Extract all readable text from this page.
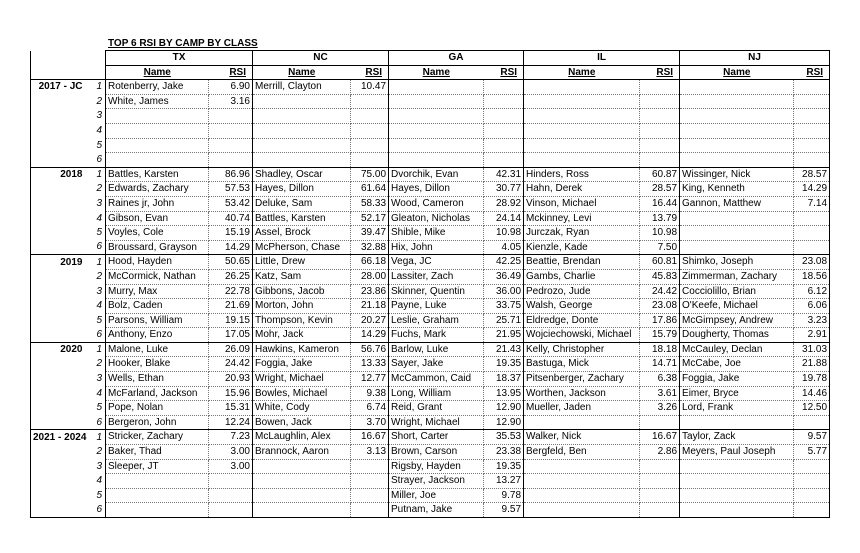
TOP 6 RSI BY CAMP BY CLASS
		TX		NC		GA		IL		NJ	
		Name	RSI	Name	RSI	Name	RSI	Name	RSI	Name	RSI
2017 - JC	1	Rotenberry, Jake	6.90	Merrill, Clayton	10.47						
	2	White, James	3.16								
	3										
	4										
	5										
	6										
2018	1	Battles, Karsten	86.96	Shadley, Oscar	75.00	Dvorchik, Evan	42.31	Hinders, Ross	60.87	Wissinger, Nick	28.57
	2	Edwards, Zachary	57.53	Hayes, Dillon	61.64	Hayes, Dillon	30.77	Hahn, Derek	28.57	King, Kenneth	14.29
	3	Raines jr, John	53.42	Deluke, Sam	58.33	Wood, Cameron	28.92	Vinson, Michael	16.44	Gannon, Matthew	7.14
	4	Gibson, Evan	40.74	Battles, Karsten	52.17	Gleaton, Nicholas	24.14	Mckinney, Levi	13.79		
	5	Voyles, Cole	15.19	Assel, Brock	39.47	Shible, Mike	10.98	Jurczak, Ryan	10.98		
	6	Broussard, Grayson	14.29	McPherson, Chase	32.88	Hix, John	4.05	Kienzle, Kade	7.50		
2019	1	Hood, Hayden	50.65	Little, Drew	66.18	Vega, JC	42.25	Beattie, Brendan	60.81	Shimko, Joseph	23.08
	2	McCormick, Nathan	26.25	Katz, Sam	28.00	Lassiter, Zach	36.49	Gambs, Charlie	45.83	Zimmerman, Zachary	18.56
	3	Murry, Max	22.78	Gibbons, Jacob	23.86	Skinner, Quentin	36.00	Pedrozo, Jude	24.42	Cocciolillo, Brian	6.12
	4	Bolz, Caden	21.69	Morton, John	21.18	Payne, Luke	33.75	Walsh, George	23.08	O'Keefe, Michael	6.06
	5	Parsons, William	19.15	Thompson, Kevin	20.27	Leslie, Graham	25.71	Eldredge, Donte	17.86	McGimpsey, Andrew	3.23
	6	Anthony, Enzo	17.05	Mohr, Jack	14.29	Fuchs, Mark	21.95	Wojciechowski, Michael	15.79	Dougherty, Thomas	2.91
2020	1	Malone, Luke	26.09	Hawkins, Kameron	56.76	Barlow, Luke	21.43	Kelly, Christopher	18.18	McCauley, Declan	31.03
	2	Hooker, Blake	24.42	Foggia, Jake	13.33	Sayer, Jake	19.35	Bastuga, Mick	14.71	McCabe, Joe	21.88
	3	Wells, Ethan	20.93	Wright, Michael	12.77	McCammon, Caid	18.37	Pitsenberger, Zachary	6.38	Foggia, Jake	19.78
	4	McFarland, Jackson	15.96	Bowles, Michael	9.38	Long, William	13.95	Worthen, Jackson	3.61	Eimer, Bryce	14.46
	5	Pope, Nolan	15.31	White, Cody	6.74	Reid, Grant	12.90	Mueller, Jaden	3.26	Lord, Frank	12.50
	6	Bergeron, John	12.24	Bowen, Jack	3.70	Wright, Michael	12.90				
2021 - 2024	1	Stricker, Zachary	7.23	McLaughlin, Alex	16.67	Short, Carter	35.53	Walker, Nick	16.67	Taylor, Zack	9.57
	2	Baker, Thad	3.00	Brannock, Aaron	3.13	Brown, Carson	23.38	Bergfeld, Ben	2.86	Meyers, Paul Joseph	5.77
	3	Sleeper, JT	3.00			Rigsby, Hayden	19.35				
	4					Strayer, Jackson	13.27				
	5					Miller, Joe	9.78				
	6					Putnam, Jake	9.57				
